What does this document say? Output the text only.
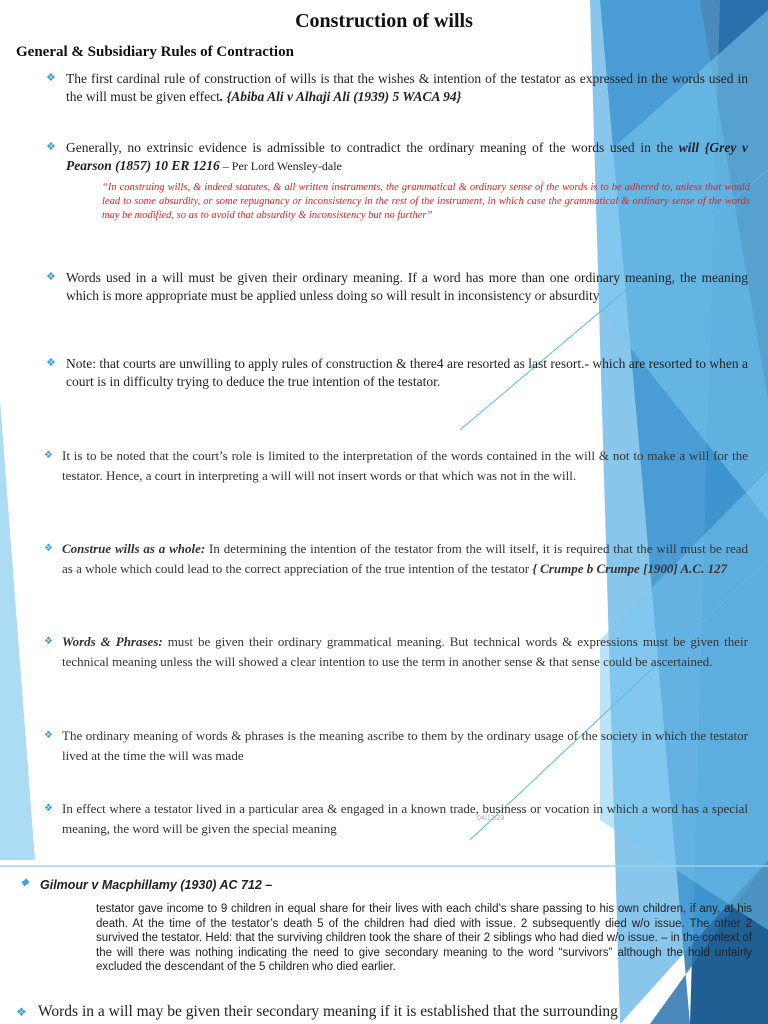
Construction of wills
General & Subsidiary Rules of Contraction
❖ The first cardinal rule of construction of wills is that the wishes & intention of the testator as expressed in the words used in the will must be given effect. {Abiba Ali v Alhaji Ali (1939) 5 WACA 94}
❖ Generally, no extrinsic evidence is admissible to contradict the ordinary meaning of the words used in the will {Grey v Pearson (1857) 10 ER 1216 – Per Lord Wensley-dale
“In construing wills, & indeed statutes, & all written instruments, the grammatical & ordinary sense of the words is to be adhered to, unless that would lead to some absurdity, or some repugnancy or inconsistency in the rest of the instrument, in which case the grammatical & ordinary sense of the words may be modified, so as to avoid that absurdity & inconsistency but no further”
❖ Words used in a will must be given their ordinary meaning. If a word has more than one ordinary meaning, the meaning which is more appropriate must be applied unless doing so will result in inconsistency or absurdity
❖ Note: that courts are unwilling to apply rules of construction & there4 are resorted as last resort.- which are resorted to when a court is in difficulty trying to deduce the true intention of the testator.
❖ It is to be noted that the court’s role is limited to the interpretation of the words contained in the will & not to make a will for the testator. Hence, a court in interpreting a will will not insert words or that which was not in the will.
❖ Construe wills as a whole: In determining the intention of the testator from the will itself, it is required that the will must be read as a whole which could lead to the correct appreciation of the true intention of the testator { Crumpe b Crumpe [1900] A.C. 127
❖ Words & Phrases: must be given their ordinary grammatical meaning. But technical words & expressions must be given their technical meaning unless the will showed a clear intention to use the term in another sense & that sense could be ascertained.
❖ The ordinary meaning of words & phrases is the meaning ascribe to them by the ordinary usage of the society in which the testator lived at the time the will was made
❖ In effect where a testator lived in a particular area & engaged in a known trade, business or vocation in which a word has a special meaning, the word will be given the special meaning
04/12/23
❖ Gilmour v Macphillamy (1930) AC 712 –
testator gave income to 9 children in equal share for their lives with each child’s share passing to his own children, if any, at his death. At the time of the testator’s death 5 of the children had died with issue. 2 subsequently died w/o issue. The other 2 survived the testator. Held: that the surviving children took the share of their 2 siblings who had died w/o issue. – in the context of the will there was nothing indicating the need to give secondary meaning to the word “survivors” although the hold unfairly excluded the descendant of the 5 children who died earlier.
❖ Words in a will may be given their secondary meaning if it is established that the surrounding
